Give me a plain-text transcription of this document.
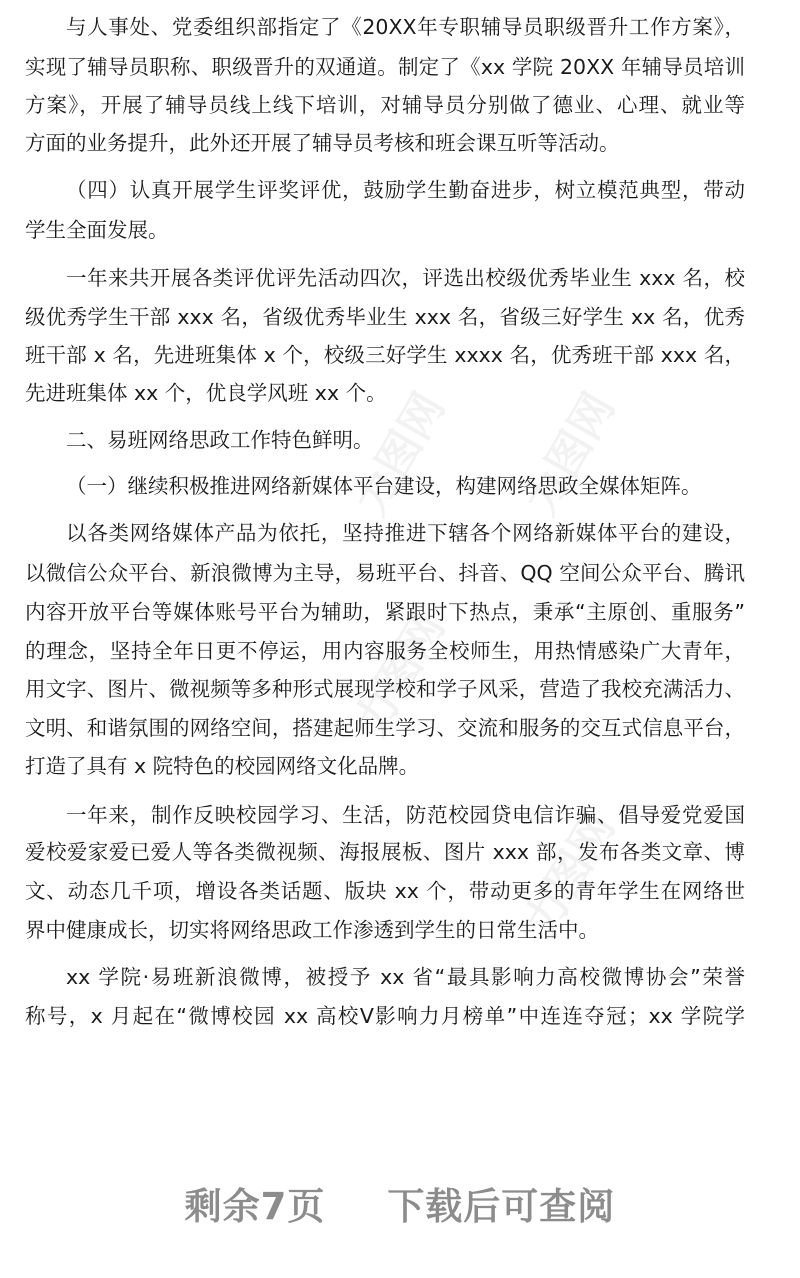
与人事处、党委组织部指定了《20XX年专职辅导员职级晋升工作方案》，
实现了辅导员职称、职级晋升的双通道。制定了《xx 学院 20XX 年辅导员培训
方案》，开展了辅导员线上线下培训，对辅导员分别做了德业、心理、就业等
方面的业务提升，此外还开展了辅导员考核和班会课互听等活动。
（四）认真开展学生评奖评优，鼓励学生勤奋进步，树立模范典型，带动
学生全面发展。
一年来共开展各类评优评先活动四次，评选出校级优秀毕业生 xxx 名，校
级优秀学生干部 xxx 名，省级优秀毕业生 xxx 名，省级三好学生 xx 名，优秀
班干部 x 名，先进班集体 x 个，校级三好学生 xxxx 名，优秀班干部 xxx 名，
先进班集体 xx 个，优良学风班 xx 个。
二、易班网络思政工作特色鲜明。
（一）继续积极推进网络新媒体平台建设，构建网络思政全媒体矩阵。
以各类网络媒体产品为依托，坚持推进下辖各个网络新媒体平台的建设，
以微信公众平台、新浪微博为主导，易班平台、抖音、QQ 空间公众平台、腾讯
内容开放平台等媒体账号平台为辅助，紧跟时下热点，秉承“主原创、重服务”
的理念，坚持全年日更不停运，用内容服务全校师生，用热情感染广大青年，
用文字、图片、微视频等多种形式展现学校和学子风采，营造了我校充满活力、
文明、和谐氛围的网络空间，搭建起师生学习、交流和服务的交互式信息平台，
打造了具有 x 院特色的校园网络文化品牌。
一年来，制作反映校园学习、生活，防范校园贷电信诈骗、倡导爱党爱国
爱校爱家爱已爱人等各类微视频、海报展板、图片 xxx 部，发布各类文章、博
文、动态几千项，增设各类话题、版块 xx 个，带动更多的青年学生在网络世
界中健康成长，切实将网络思政工作渗透到学生的日常生活中。
xx 学院·易班新浪微博，被授予 xx 省“最具影响力高校微博协会”荣誉
称号，x 月起在“微博校园 xx 高校Ⅴ影响力月榜单”中连连夺冠；xx 学院学
力图网 力图网
力图网
力图网
剩余7页 下载后可查阅
